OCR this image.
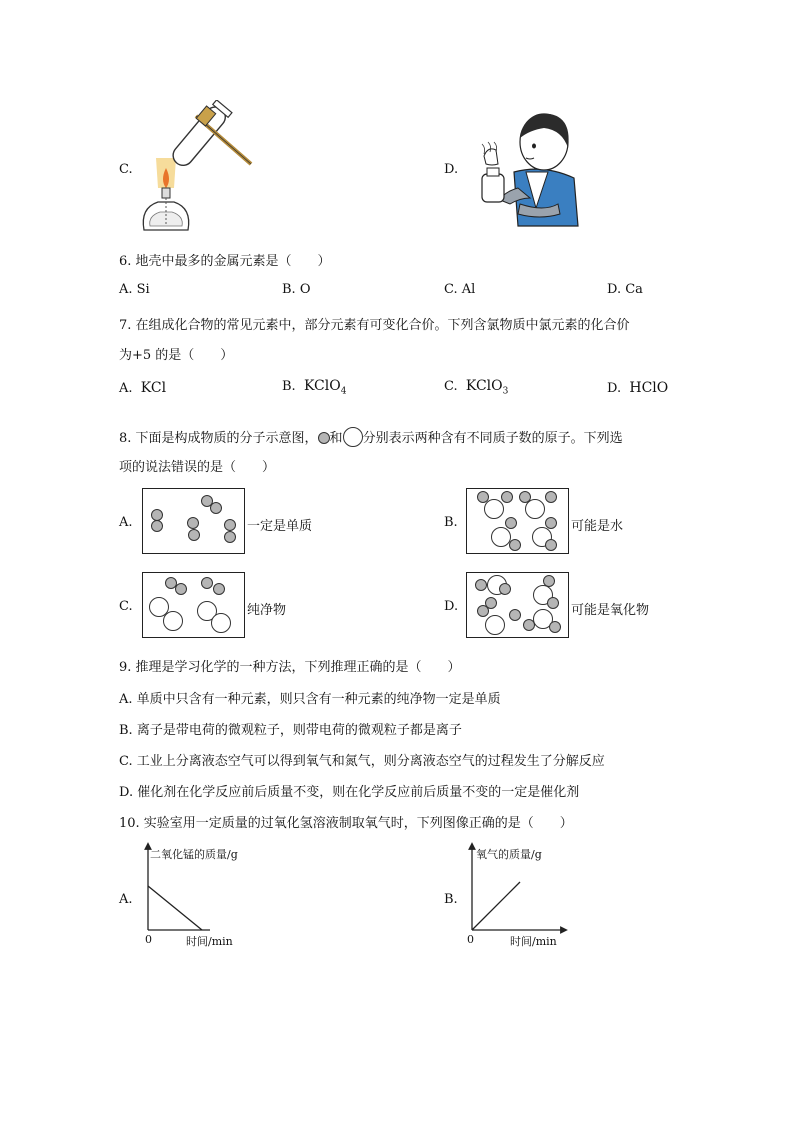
C.	D.
6. 地壳中最多的金属元素是（　　）
A. Si	B. O	C. Al	D. Ca
7. 在组成化合物的常见元素中，部分元素有可变化合价。下列含氯物质中氯元素的化合价
为+5 的是（　　）
A. KCl	B. KClO$_4$	C. KClO$_3$	D. HClO
8. 下面是构成物质的分子示意图， 和 分别表示两种含有不同质子数的原子。下列选
项的说法错误的是（　　）
A.	一定是单质	B.	可能是水
C.	纯净物	D.	可能是氧化物
9. 推理是学习化学的一种方法，下列推理正确的是（　　）
A. 单质中只含有一种元素，则只含有一种元素的纯净物一定是单质
B. 离子是带电荷的微观粒子，则带电荷的微观粒子都是离子
C. 工业上分离液态空气可以得到氧气和氮气，则分离液态空气的过程发生了分解反应
D. 催化剂在化学反应前后质量不变，则在化学反应前后质量不变的一定是催化剂
10. 实验室用一定质量的过氧化氢溶液制取氧气时，下列图像正确的是（　　）
A.
二氧化锰的质量/g
0	时间/min
B.
氧气的质量/g
0	时间/min
